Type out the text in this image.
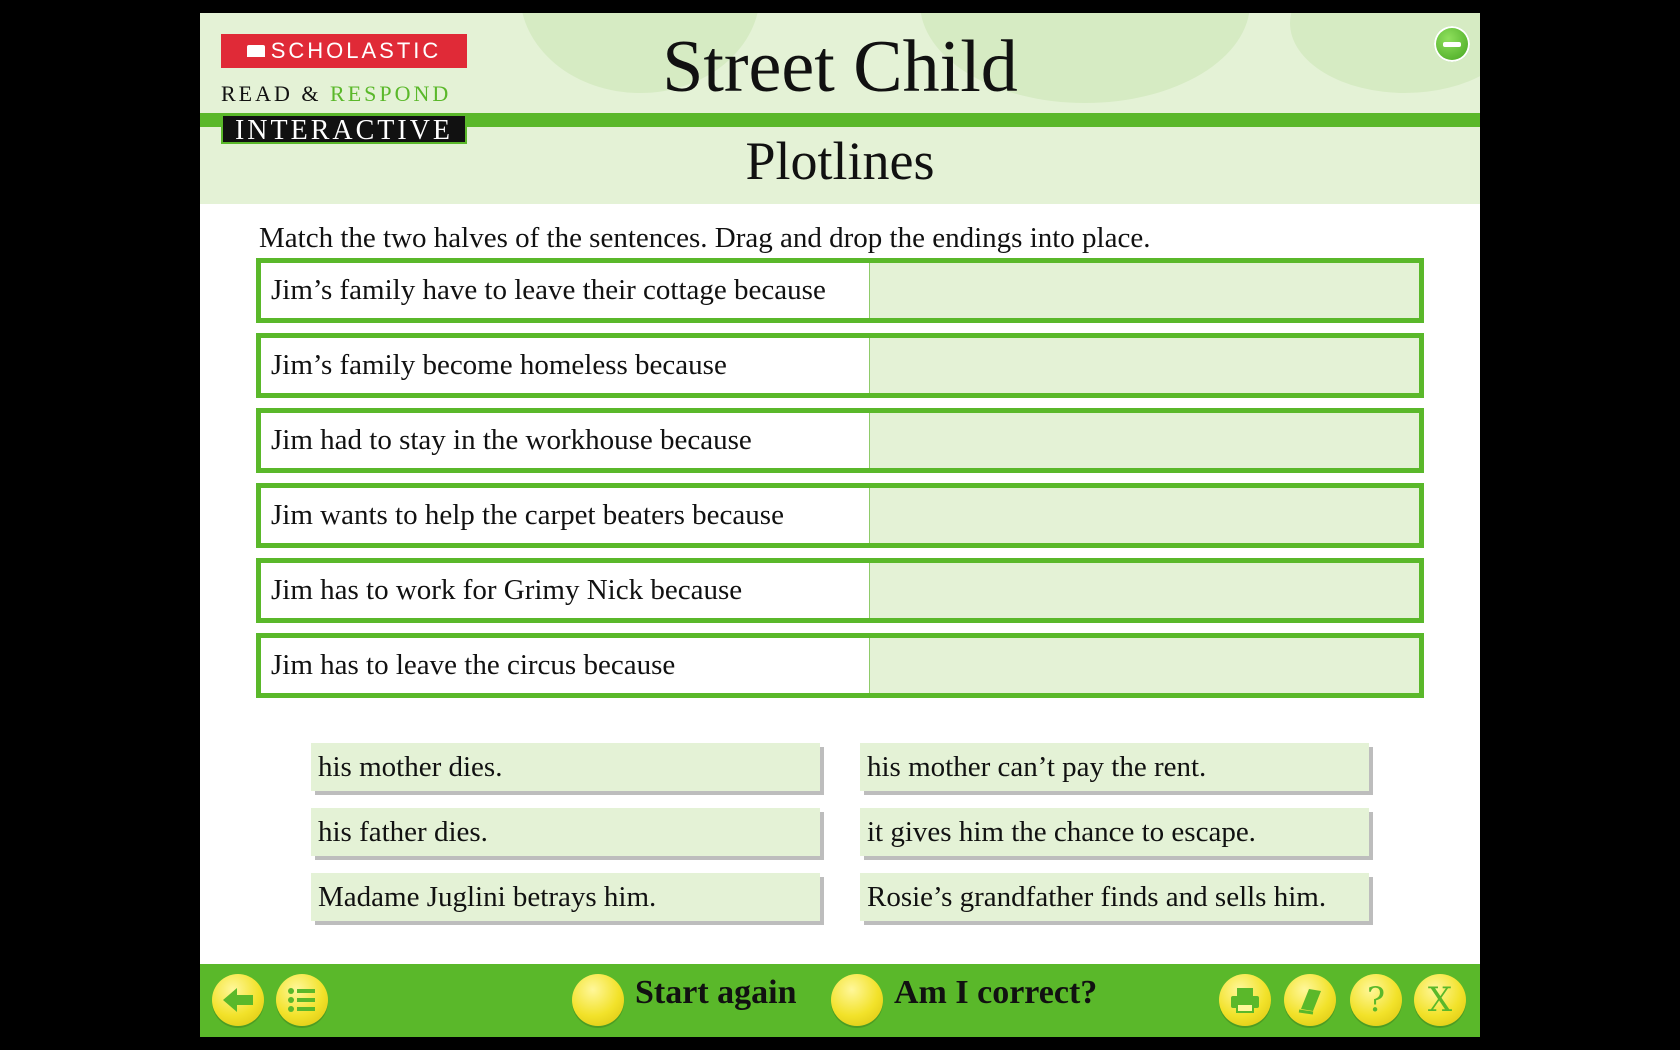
SCHOLASTIC
READ & RESPOND
INTERACTIVE
Street Child
Plotlines
Match the two halves of the sentences. Drag and drop the endings into place.
Jim’s family have to leave their cottage because
Jim’s family become homeless because
Jim had to stay in the workhouse because
Jim wants to help the carpet beaters because
Jim has to work for Grimy Nick because
Jim has to leave the circus because
his mother dies.	his mother can’t pay the rent.
his father dies.	it gives him the chance to escape.
Madame Juglini betrays him.	Rosie’s grandfather finds and sells him.
Start again	Am I correct?	?	X
